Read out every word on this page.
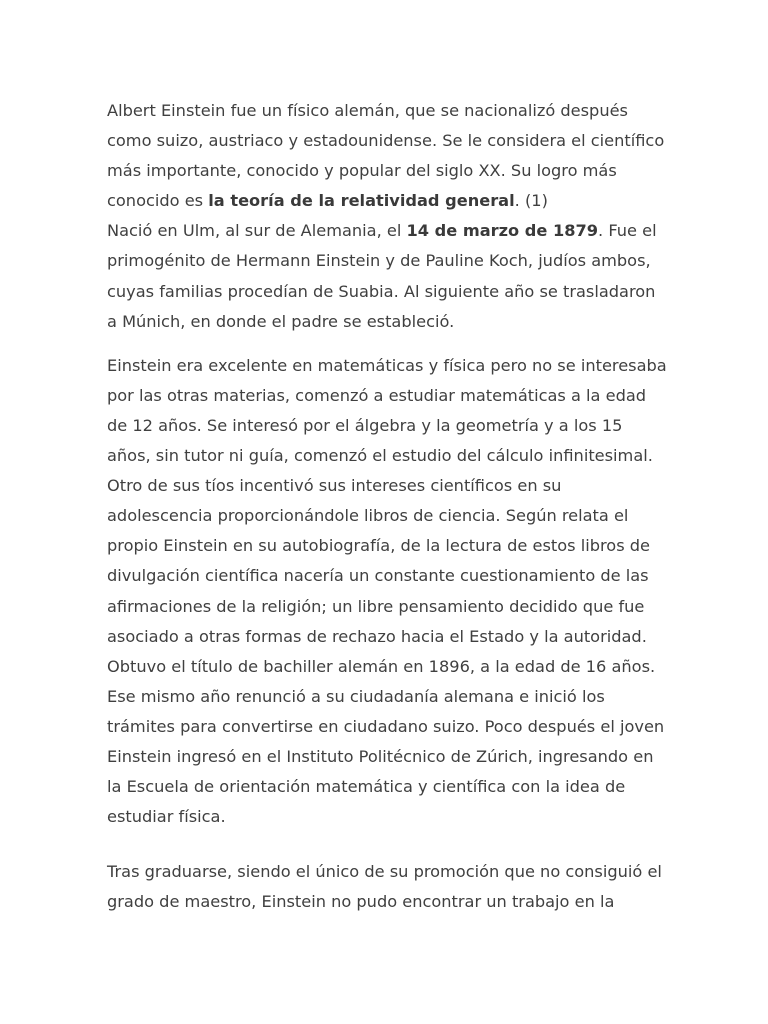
Albert Einstein fue un físico alemán, que se nacionalizó después como suizo, austriaco y estadounidense. Se le considera el científico más importante, conocido y popular del siglo XX. Su logro más conocido es la teoría de la relatividad general. (1)

Nació en Ulm, al sur de Alemania, el 14 de marzo de 1879. Fue el primogénito de Hermann Einstein y de Pauline Koch, judíos ambos, cuyas familias procedían de Suabia. Al siguiente año se trasladaron a Múnich, en donde el padre se estableció.

Einstein era excelente en matemáticas y física pero no se interesaba por las otras materias, comenzó a estudiar matemáticas a la edad de 12 años. Se interesó por el álgebra y la geometría y a los 15 años, sin tutor ni guía, comenzó el estudio del cálculo infinitesimal. Otro de sus tíos incentivó sus intereses científicos en su adolescencia proporcionándole libros de ciencia. Según relata el propio Einstein en su autobiografía, de la lectura de estos libros de divulgación científica nacería un constante cuestionamiento de las afirmaciones de la religión; un libre pensamiento decidido que fue asociado a otras formas de rechazo hacia el Estado y la autoridad. Obtuvo el título de bachiller alemán en 1896, a la edad de 16 años. Ese mismo año renunció a su ciudadanía alemana e inició los trámites para convertirse en ciudadano suizo. Poco después el joven Einstein ingresó en el Instituto Politécnico de Zúrich, ingresando en la Escuela de orientación matemática y científica con la idea de estudiar física.

Tras graduarse, siendo el único de su promoción que no consiguió el grado de maestro, Einstein no pudo encontrar un trabajo en la
